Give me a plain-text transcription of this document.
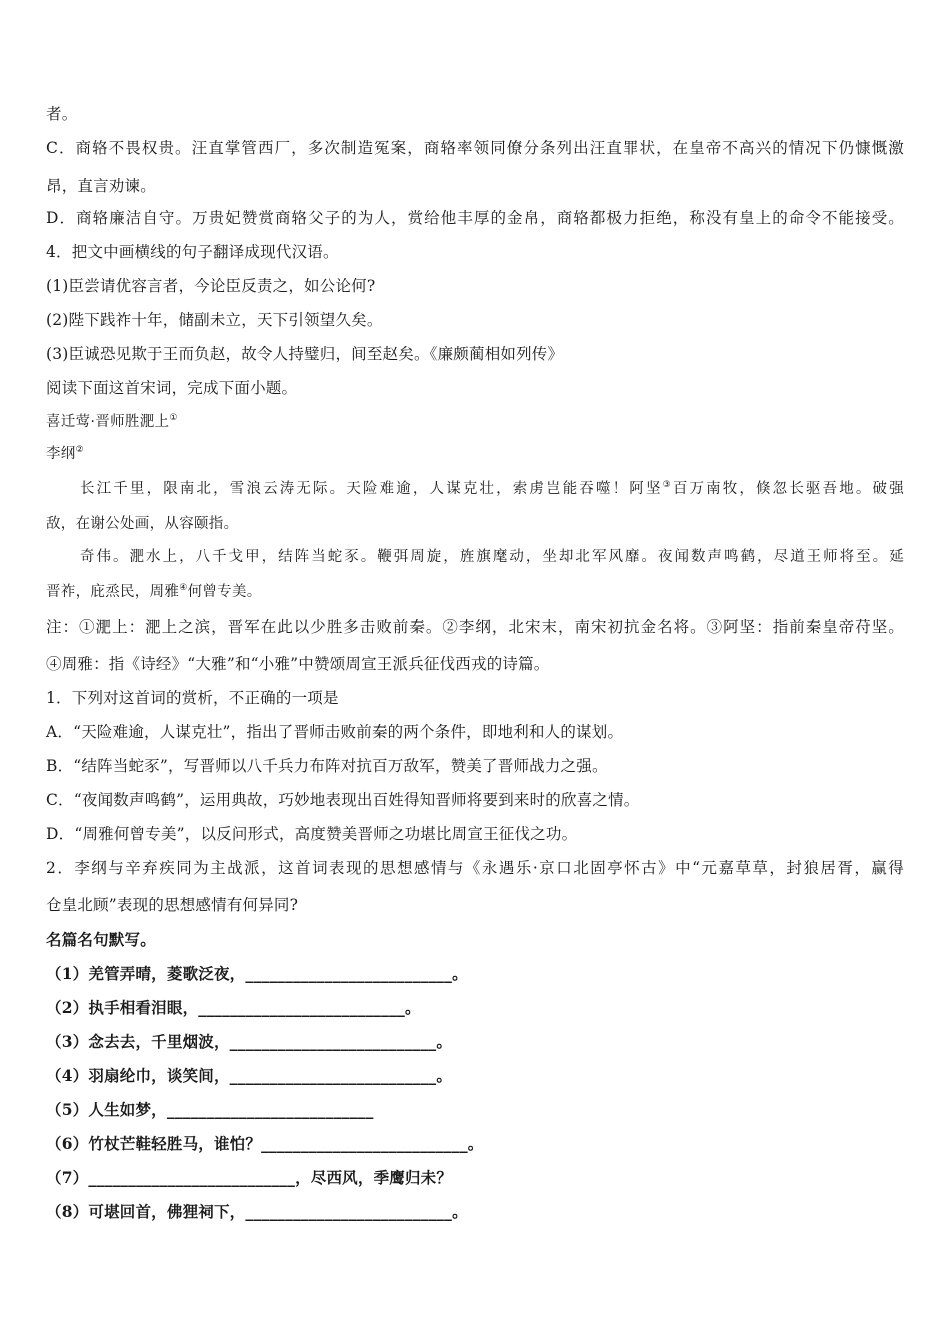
者。
C．商辂不畏权贵。汪直掌管西厂，多次制造冤案，商辂率领同僚分条列出汪直罪状，在皇帝不高兴的情况下仍慷慨激
昂，直言劝谏。
D．商辂廉洁自守。万贵妃赞赏商辂父子的为人，赏给他丰厚的金帛，商辂都极力拒绝，称没有皇上的命令不能接受。
4．把文中画横线的句子翻译成现代汉语。
(1)臣尝请优容言者，今论臣反责之，如公论何?
(2)陛下践祚十年，储副未立，天下引领望久矣。
(3)臣诚恐见欺于王而负赵，故令人持璧归，间至赵矣。《廉颇蔺相如列传》
阅读下面这首宋词，完成下面小题。
喜迁莺·晋师胜淝上①
李纲②
长江千里，限南北，雪浪云涛无际。天险难逾，人谋克壮，索虏岂能吞噬！阿坚③百万南牧，倏忽长驱吾地。破强
敌，在谢公处画，从容颐指。
奇伟。淝水上，八千戈甲，结阵当蛇豕。鞭弭周旋，旌旗麾动，坐却北军风靡。夜闻数声鸣鹤，尽道王师将至。延
晋祚，庇烝民，周雅④何曾专美。
注：①淝上：淝上之滨，晋军在此以少胜多击败前秦。②李纲，北宋末，南宋初抗金名将。③阿坚：指前秦皇帝苻坚。
④周雅：指《诗经》“大雅”和“小雅”中赞颂周宣王派兵征伐西戎的诗篇。
1．下列对这首词的赏析，不正确的一项是
A．“天险难逾，人谋克壮”，指出了晋师击败前秦的两个条件，即地利和人的谋划。
B．“结阵当蛇豕”，写晋师以八千兵力布阵对抗百万敌军，赞美了晋师战力之强。
C．“夜闻数声鸣鹤”，运用典故，巧妙地表现出百姓得知晋师将要到来时的欣喜之情。
D．“周雅何曾专美”，以反问形式，高度赞美晋师之功堪比周宣王征伐之功。
2．李纲与辛弃疾同为主战派，这首词表现的思想感情与《永遇乐·京口北固亭怀古》中“元嘉草草，封狼居胥，赢得
仓皇北顾”表现的思想感情有何异同?
名篇名句默写。
（1）羌管弄晴，菱歌泛夜，__________________________。
（2）执手相看泪眼，__________________________。
（3）念去去，千里烟波，__________________________。
（4）羽扇纶巾，谈笑间，__________________________。
（5）人生如梦，__________________________
（6）竹杖芒鞋轻胜马，谁怕？__________________________。
（7）__________________________，尽西风，季鹰归未？
（8）可堪回首，佛狸祠下，__________________________。
